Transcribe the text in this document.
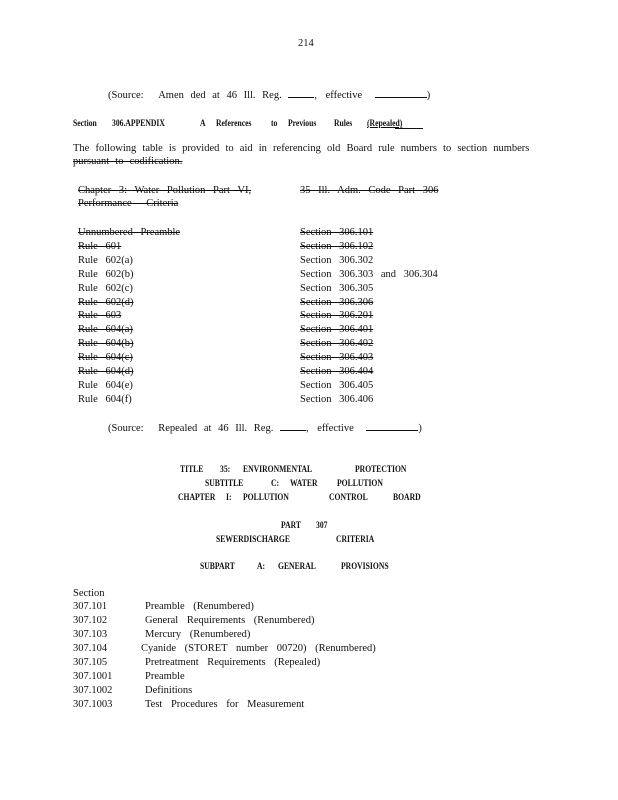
214
(Source: Amen ded at 46 Ill. Reg.	, effective	)
Section 306.APPENDIX	A References to Previous Rules (Repealed)
The following table is provided to aid in referencing old Board rule numbers to section numbers
pursuant to codification.
Chapter 3: Water Pollution Part VI,
Performance Criteria
35 Ill. Adm. Code Part 306
Unnumbered Preamble	Section 306.101
Rule 601	Section 306.102
Rule 602(a)	Section 306.302
Rule 602(b)	Section 306.303 and 306.304
Rule 602(c)	Section 306.305
Rule 602(d)	Section 306.306
Rule 603	Section 306.201
Rule 604(a)	Section 306.401
Rule 604(b)	Section 306.402
Rule 604(c)	Section 306.403
Rule 604(d)	Section 306.404
Rule 604(e)	Section 306.405
Rule 604(f)	Section 306.406
(Source: Repealed at 46 Ill. Reg.	, effective	)
TITLE 35: ENVIRONMENTAL	PROTECTION
SUBTITLE	C: WATER POLLUTION
CHAPTER I: POLLUTION	CONTROL	BOARD
PART 307
SEWERDISCHARGE	CRITERIA
SUBPART A: GENERAL	PROVISIONS
Section
307.101	Preamble (Renumbered)
307.102	General Requirements (Renumbered)
307.103	Mercury (Renumbered)
307.104	Cyanide (STORET number 00720) (Renumbered)
307.105	Pretreatment Requirements (Repealed)
307.1001	Preamble
307.1002	Definitions
307.1003	Test Procedures for Measurement
